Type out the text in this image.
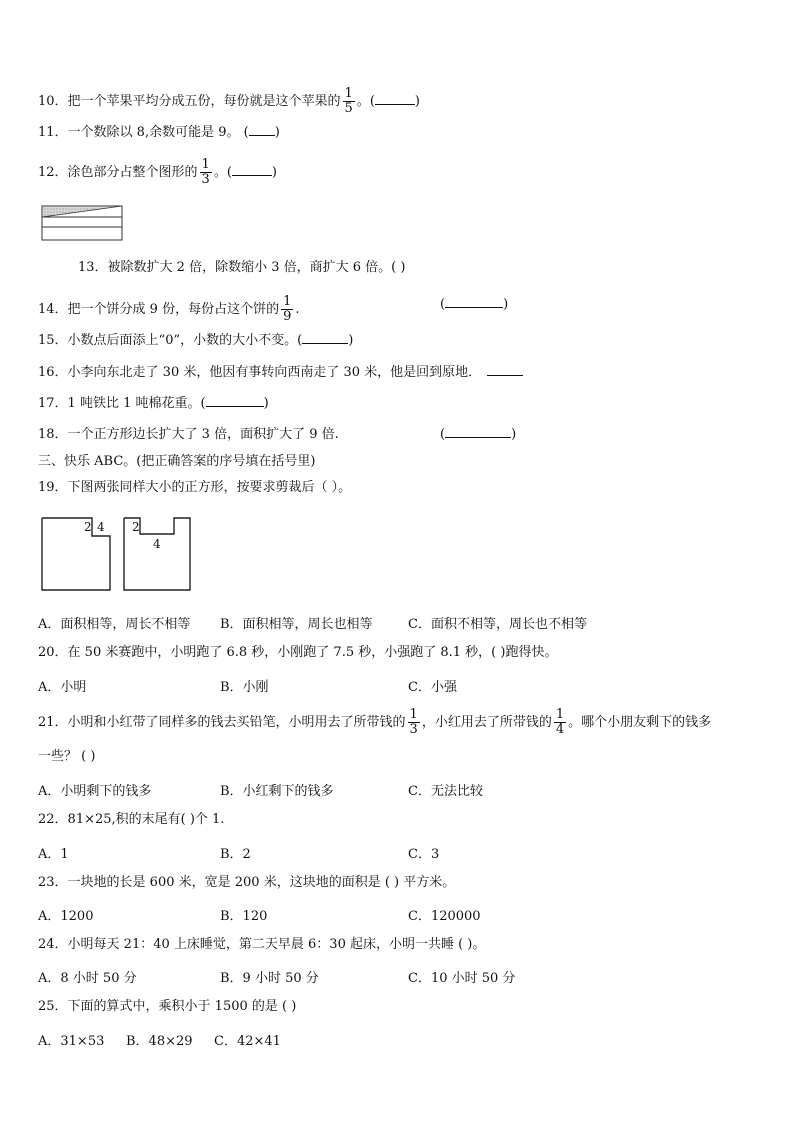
10．把一个苹果平均分成五份，每份就是这个苹果的 $\frac{1}{5}$ 。(	)
11．一个数除以 8,余数可能是 9。 ( )
12．涂色部分占整个图形的 $\frac{1}{3}$ 。(	)
13．被除数扩大 2 倍，除数缩小 3 倍，商扩大 6 倍。( )
14．把一个饼分成 9 份，每份占这个饼的 $\frac{1}{9}$ .	(	)
15．小数点后面添上“0”，小数的大小不变。(	)
16．小李向东北走了 30 米，他因有事转向西南走了 30 米，他是回到原地．
17．1 吨铁比 1 吨棉花重。(	)
18．一个正方形边长扩大了 3 倍，面积扩大了 9 倍.	(	)
三、快乐 ABC。(把正确答案的序号填在括号里)
19．下图两张同样大小的正方形，按要求剪裁后（ ）。
2 4 2
4
A．面积相等，周长不相等 B．面积相等，周长也相等	C．面积不相等，周长也不相等
20．在 50 米赛跑中，小明跑了 6.8 秒，小刚跑了 7.5 秒，小强跑了 8.1 秒，( )跑得快。
A．小明	B．小刚	C．小强
21．小明和小红带了同样多的钱去买铅笔，小明用去了所带钱的 $\frac{1}{3}$ ，小红用去了所带钱的 $\frac{1}{4}$ 。哪个小朋友剩下的钱多
一些？ ( )
A．小明剩下的钱多	B．小红剩下的钱多	C．无法比较
22．81×25,积的末尾有( )个 1.
A．1	B．2	C．3
23．一块地的长是 600 米，宽是 200 米，这块地的面积是 ( ) 平方米。
A．1200	B．120	C．120000
24．小明每天 21：40 上床睡觉，第二天早晨 6：30 起床，小明一共睡 ( )。
A．8 小时 50 分	B．9 小时 50 分	C．10 小时 50 分
25．下面的算式中，乘积小于 1500 的是 ( )
A．31×53 B．48×29 C．42×41
